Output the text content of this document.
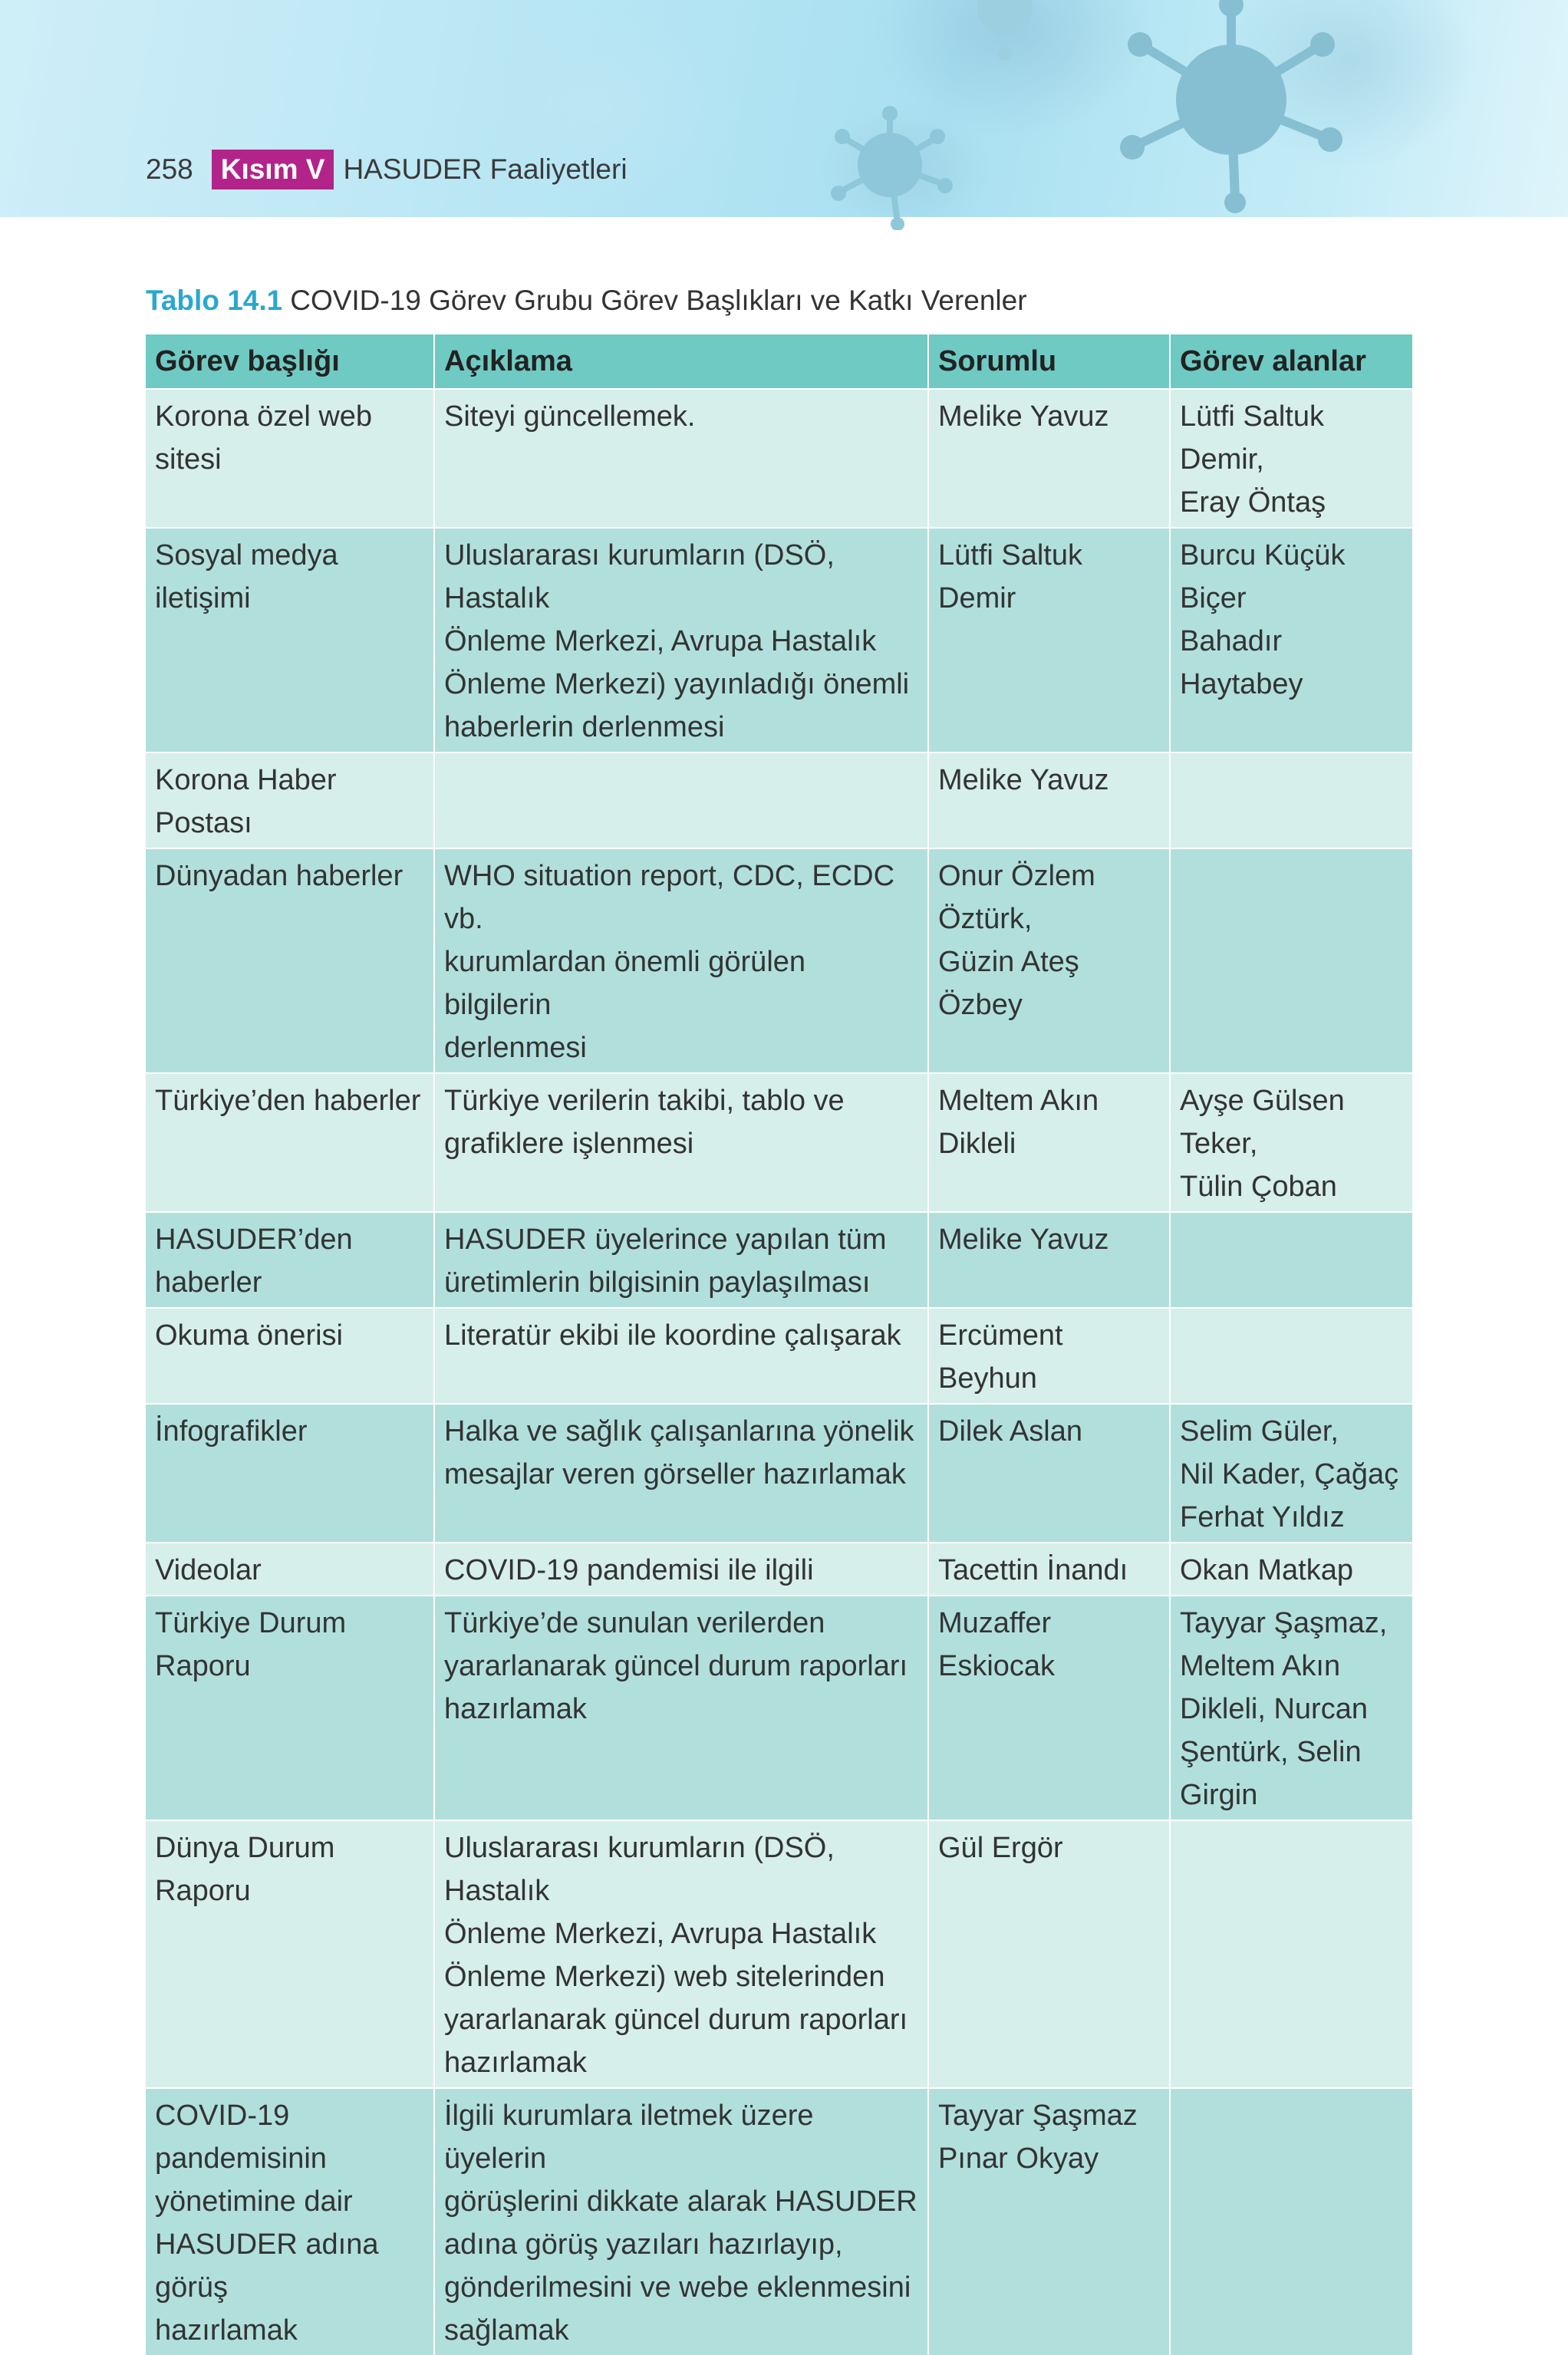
258 Kısım V HASUDER Faaliyetleri
Tablo 14.1 COVID-19 Görev Grubu Görev Başlıkları ve Katkı Verenler
Görev başlığı	Açıklama	Sorumlu	Görev alanlar

Korona özel web sitesi	Siteyi güncellemek.	Melike Yavuz	Lütfi Saltuk Demir,
Eray Öntaş

Sosyal medya iletişimi	Uluslararası kurumların (DSÖ, Hastalık
Önleme Merkezi, Avrupa Hastalık
Önleme Merkezi) yayınladığı önemli
haberlerin derlenmesi	Lütfi Saltuk Demir	Burcu Küçük Biçer
Bahadır Haytabey

Korona Haber Postası		Melike Yavuz	

Dünyadan haberler	WHO situation report, CDC, ECDC vb.
kurumlardan önemli görülen bilgilerin
derlenmesi	Onur Özlem
Öztürk,
Güzin Ateş Özbey	

Türkiye’den haberler	Türkiye verilerin takibi, tablo ve
grafiklere işlenmesi	Meltem Akın
Dikleli	Ayşe Gülsen Teker,
Tülin Çoban

HASUDER’den
haberler	HASUDER üyelerince yapılan tüm
üretimlerin bilgisinin paylaşılması	Melike Yavuz	

Okuma önerisi	Literatür ekibi ile koordine çalışarak	Ercüment Beyhun	

İnfografikler	Halka ve sağlık çalışanlarına yönelik
mesajlar veren görseller hazırlamak	Dilek Aslan	Selim Güler,
Nil Kader, Çağaç
Ferhat Yıldız

Videolar	COVID-19 pandemisi ile ilgili	Tacettin İnandı	Okan Matkap

Türkiye Durum Raporu	Türkiye’de sunulan verilerden
yararlanarak güncel durum raporları
hazırlamak	Muzaffer Eskiocak	Tayyar Şaşmaz,
Meltem Akın
Dikleli, Nurcan
Şentürk, Selin
Girgin

Dünya Durum Raporu	Uluslararası kurumların (DSÖ, Hastalık
Önleme Merkezi, Avrupa Hastalık
Önleme Merkezi) web sitelerinden
yararlanarak güncel durum raporları
hazırlamak	Gül Ergör	

COVID-19
pandemisinin
yönetimine dair
HASUDER adına görüş
hazırlamak	İlgili kurumlara iletmek üzere üyelerin
görüşlerini dikkate alarak HASUDER
adına görüş yazıları hazırlayıp,
gönderilmesini ve webe eklenmesini
sağlamak	Tayyar Şaşmaz
Pınar Okyay	
